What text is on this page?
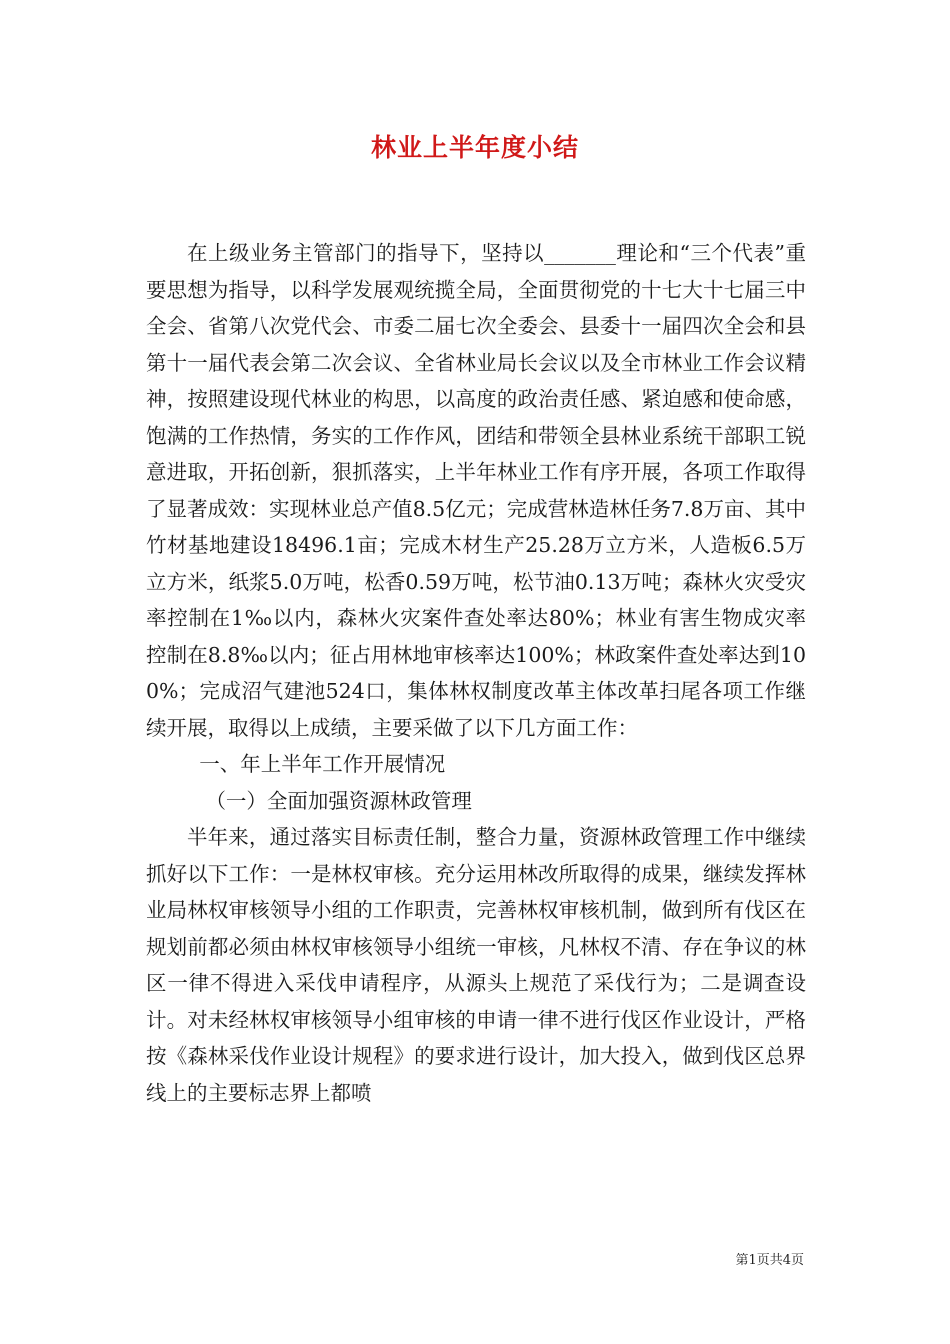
林业上半年度小结

在上级业务主管部门的指导下，坚持以_______理论和“三个代表”重要思想为指导，以科学发展观统揽全局，全面贯彻党的十七大十七届三中全会、省第八次党代会、市委二届七次全委会、县委十一届四次全会和县第十一届代表会第二次会议、全省林业局长会议以及全市林业工作会议精神，按照建设现代林业的构思，以高度的政治责任感、紧迫感和使命感，饱满的工作热情，务实的工作作风，团结和带领全县林业系统干部职工锐意进取，开拓创新，狠抓落实，上半年林业工作有序开展，各项工作取得了显著成效：实现林业总产值8.5亿元；完成营林造林任务7.8万亩、其中竹材基地建设18496.1亩；完成木材生产25.28万立方米，人造板6.5万立方米，纸浆5.0万吨，松香0.59万吨，松节油0.13万吨；森林火灾受灾率控制在1‰以内，森林火灾案件查处率达80%；林业有害生物成灾率控制在8.8‰以内；征占用林地审核率达100%；林政案件查处率达到100%；完成沼气建池524口，集体林权制度改革主体改革扫尾各项工作继续开展，取得以上成绩，主要采做了以下几方面工作：

一、年上半年工作开展情况

（一）全面加强资源林政管理

半年来，通过落实目标责任制，整合力量，资源林政管理工作中继续抓好以下工作：一是林权审核。充分运用林改所取得的成果，继续发挥林业局林权审核领导小组的工作职责，完善林权审核机制，做到所有伐区在规划前都必须由林权审核领导小组统一审核，凡林权不清、存在争议的林区一律不得进入采伐申请程序，从源头上规范了采伐行为；二是调查设计。对未经林权审核领导小组审核的申请一律不进行伐区作业设计，严格按《森林采伐作业设计规程》的要求进行设计，加大投入，做到伐区总界线上的主要标志界上都喷

第1页共4页
